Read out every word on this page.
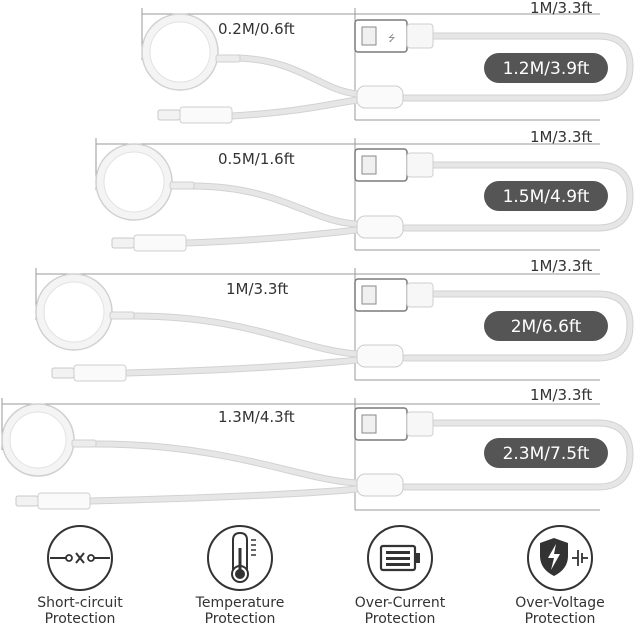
⭍
0.2M/0.6ft
1M/3.3ft
1.2M/3.9ft
0.5M/1.6ft
1M/3.3ft
1.5M/4.9ft
1M/3.3ft
1M/3.3ft
2M/6.6ft
1.3M/4.3ft
1M/3.3ft
2.3M/7.5ft
Short-circuit
Protection
Temperature
Protection
Over-Current
Protection
Over-Voltage
Protection
